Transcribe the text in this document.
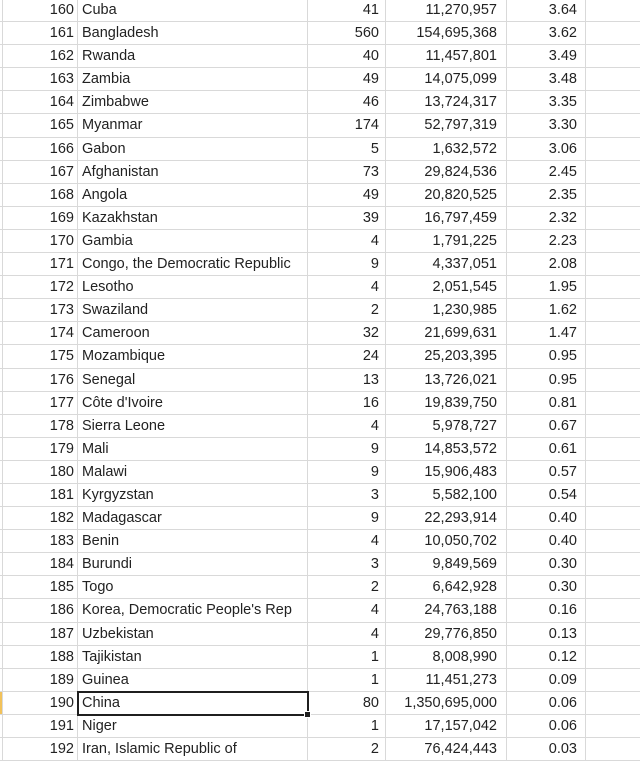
160 Cuba	41	11,270,957	3.64
161 Bangladesh	560	154,695,368	3.62
162 Rwanda	40	11,457,801	3.49
163 Zambia	49	14,075,099	3.48
164 Zimbabwe	46	13,724,317	3.35
165 Myanmar	174	52,797,319	3.30
166 Gabon	5	1,632,572	3.06
167 Afghanistan	73	29,824,536	2.45
168 Angola	49	20,820,525	2.35
169 Kazakhstan	39	16,797,459	2.32
170 Gambia	4	1,791,225	2.23
171 Congo, the Democratic Republic	9	4,337,051	2.08
172 Lesotho	4	2,051,545	1.95
173 Swaziland	2	1,230,985	1.62
174 Cameroon	32	21,699,631	1.47
175 Mozambique	24	25,203,395	0.95
176 Senegal	13	13,726,021	0.95
177 Côte d'Ivoire	16	19,839,750	0.81
178 Sierra Leone	4	5,978,727	0.67
179 Mali	9	14,853,572	0.61
180 Malawi	9	15,906,483	0.57
181 Kyrgyzstan	3	5,582,100	0.54
182 Madagascar	9	22,293,914	0.40
183 Benin	4	10,050,702	0.40
184 Burundi	3	9,849,569	0.30
185 Togo	2	6,642,928	0.30
186 Korea, Democratic People's Rep	4	24,763,188	0.16
187 Uzbekistan	4	29,776,850	0.13
188 Tajikistan	1	8,008,990	0.12
189 Guinea	1	11,451,273	0.09
190 China	80	1,350,695,000	0.06
191 Niger	1	17,157,042	0.06
192 Iran, Islamic Republic of	2	76,424,443	0.03
